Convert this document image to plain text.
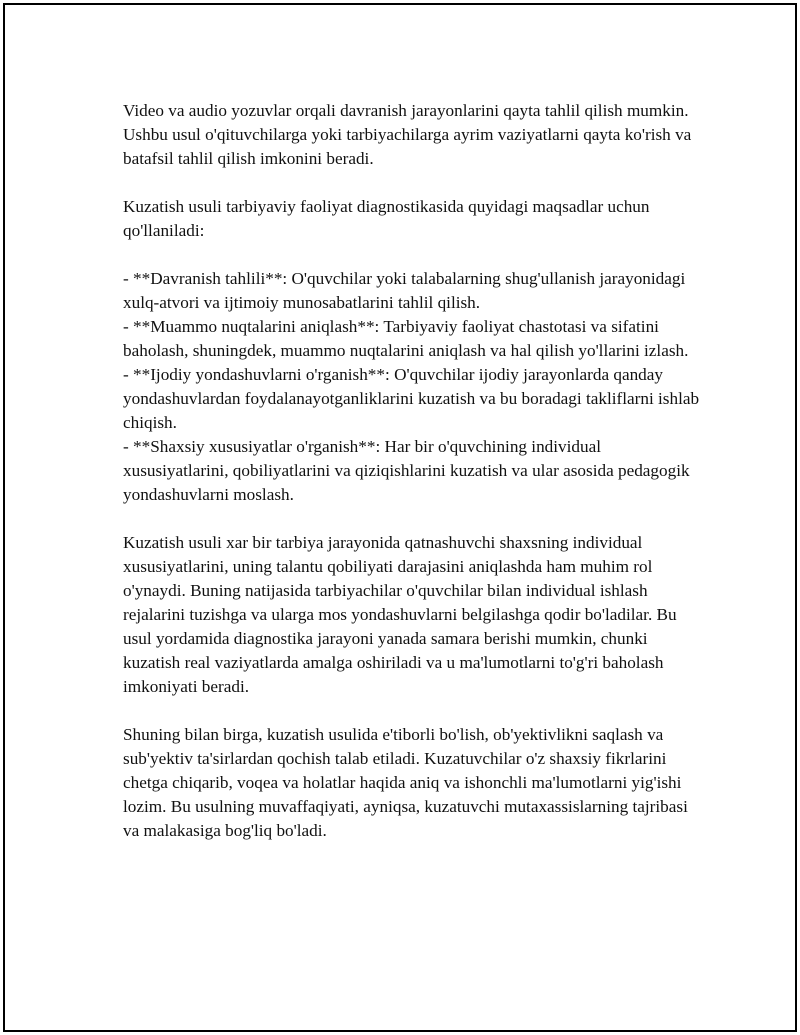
Video va audio yozuvlar orqali davranish jarayonlarini qayta tahlil qilish mumkin. Ushbu usul o'qituvchilarga yoki tarbiyachilarga ayrim vaziyatlarni qayta ko'rish va batafsil tahlil qilish imkonini beradi.

Kuzatish usuli tarbiyaviy faoliyat diagnostikasida quyidagi maqsadlar uchun qo'llaniladi:

- **Davranish tahlili**: O'quvchilar yoki talabalarning shug'ullanish jarayonidagi xulq-atvori va ijtimoiy munosabatlarini tahlil qilish.
- **Muammo nuqtalarini aniqlash**: Tarbiyaviy faoliyat chastotasi va sifatini baholash, shuningdek, muammo nuqtalarini aniqlash va hal qilish yo'llarini izlash.
- **Ijodiy yondashuvlarni o'rganish**: O'quvchilar ijodiy jarayonlarda qanday yondashuvlardan foydalanayotganliklarini kuzatish va bu boradagi takliflarni ishlab chiqish.
- **Shaxsiy xususiyatlar o'rganish**: Har bir o'quvchining individual xususiyatlarini, qobiliyatlarini va qiziqishlarini kuzatish va ular asosida pedagogik yondashuvlarni moslash.

Kuzatish usuli xar bir tarbiya jarayonida qatnashuvchi shaxsning individual xususiyatlarini, uning talantu qobiliyati darajasini aniqlashda ham muhim rol o'ynaydi. Buning natijasida tarbiyachilar o'quvchilar bilan individual ishlash rejalarini tuzishga va ularga mos yondashuvlarni belgilashga qodir bo'ladilar. Bu usul yordamida diagnostika jarayoni yanada samara berishi mumkin, chunki kuzatish real vaziyatlarda amalga oshiriladi va u ma'lumotlarni to'g'ri baholash imkoniyati beradi.

Shuning bilan birga, kuzatish usulida e'tiborli bo'lish, ob'yektivlikni saqlash va sub'yektiv ta'sirlardan qochish talab etiladi. Kuzatuvchilar o'z shaxsiy fikrlarini chetga chiqarib, voqea va holatlar haqida aniq va ishonchli ma'lumotlarni yig'ishi lozim. Bu usulning muvaffaqiyati, ayniqsa, kuzatuvchi mutaxassislarning tajribasi va malakasiga bog'liq bo'ladi.
